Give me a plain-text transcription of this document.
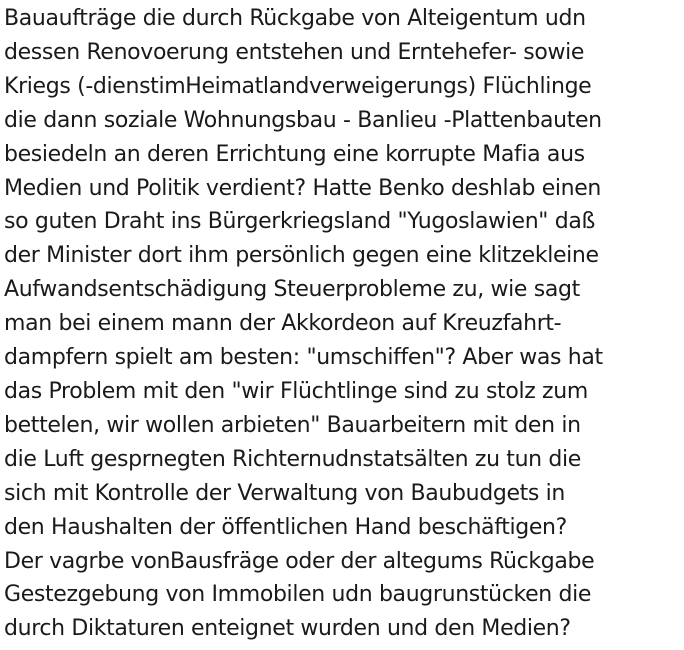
Bauaufträge die durch Rückgabe von Alteigentum udn
dessen Renovoerung entstehen und Erntehefer- sowie
Kriegs (-dienstimHeimatlandverweigerungs) Flüchlinge
die dann soziale Wohnungsbau - Banlieu -Plattenbauten
besiedeln an deren Errichtung eine korrupte Mafia aus
Medien und Politik verdient? Hatte Benko deshlab einen
so guten Draht ins Bürgerkriegsland "Yugoslawien" daß
der Minister dort ihm persönlich gegen eine klitzekleine
Aufwandsentschädigung Steuerprobleme zu, wie sagt
man bei einem mann der Akkordeon auf Kreuzfahrt-
dampfern spielt am besten: "umschiffen"? Aber was hat
das Problem mit den "wir Flüchtlinge sind zu stolz zum
bettelen, wir wollen arbieten" Bauarbeitern mit den in
die Luft gesprnegten Richternudnstatsälten zu tun die
sich mit Kontrolle der Verwaltung von Baubudgets in
den Haushalten der öffentlichen Hand beschäftigen?
Der vagrbe vonBausfräge oder der altegums Rückgabe
Gestezgebung von Immobilen udn baugrunstücken die
durch Diktaturen enteignet wurden und den Medien?
